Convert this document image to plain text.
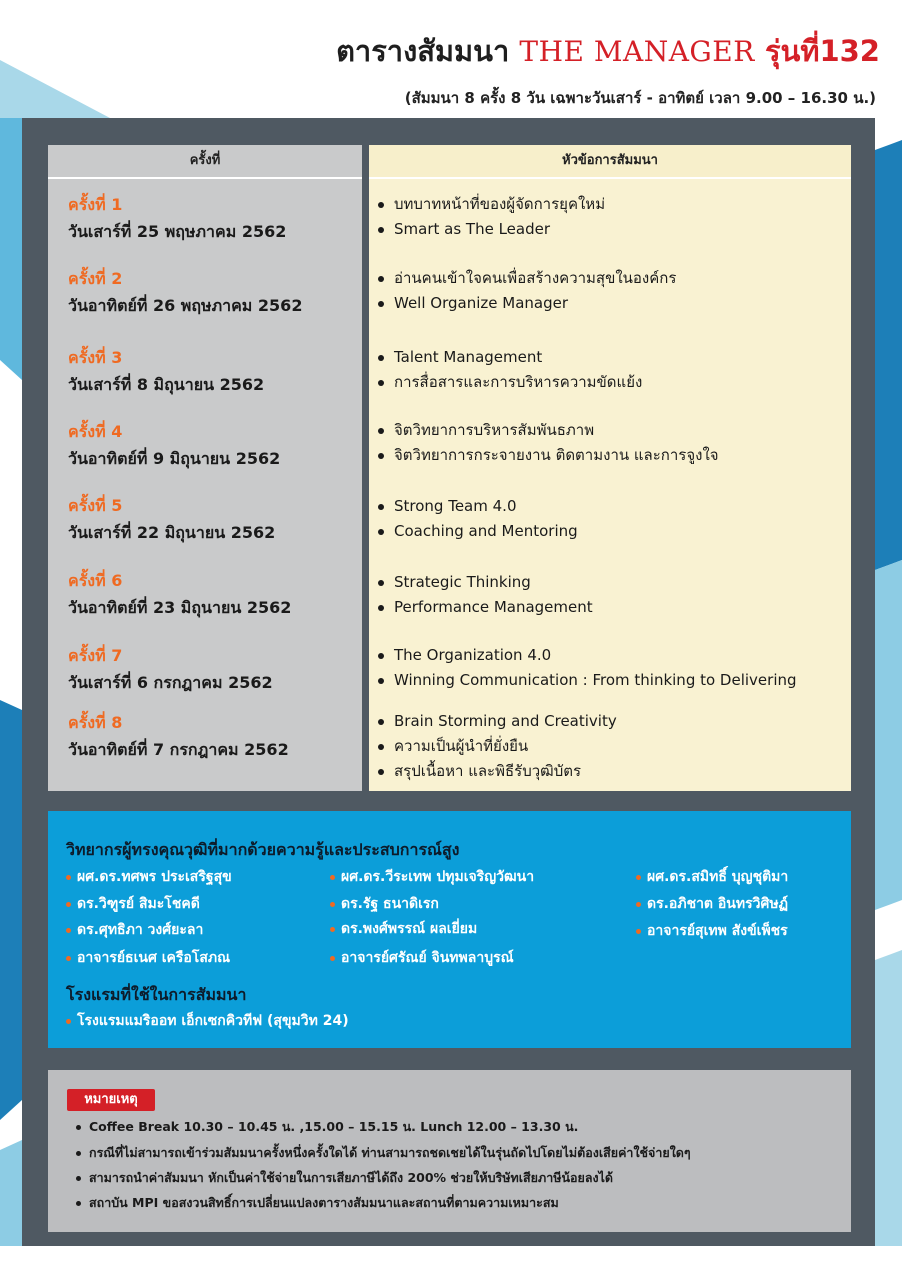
ตารางสัมมนา THE MANAGER รุ่นที่132
(สัมมนา 8 ครั้ง 8 วัน เฉพาะวันเสาร์ - อาทิตย์ เวลา 9.00 – 16.30 น.)
ครั้งที่	หัวข้อการสัมมนา
ครั้งที่ 1
วันเสาร์ที่ 25 พฤษภาคม 2562
ครั้งที่ 2
วันอาทิตย์ที่ 26 พฤษภาคม 2562
ครั้งที่ 3
วันเสาร์ที่ 8 มิถุนายน 2562
ครั้งที่ 4
วันอาทิตย์ที่ 9 มิถุนายน 2562
ครั้งที่ 5
วันเสาร์ที่ 22 มิถุนายน 2562
ครั้งที่ 6
วันอาทิตย์ที่ 23 มิถุนายน 2562
ครั้งที่ 7
วันเสาร์ที่ 6 กรกฎาคม 2562
ครั้งที่ 8
วันอาทิตย์ที่ 7 กรกฎาคม 2562
บทบาทหน้าที่ของผู้จัดการยุคใหม่
Smart as The Leader
อ่านคนเข้าใจคนเพื่อสร้างความสุขในองค์กร
Well Organize Manager
Talent Management
การสื่อสารและการบริหารความขัดแย้ง
จิตวิทยาการบริหารสัมพันธภาพ
จิตวิทยาการกระจายงาน ติดตามงาน และการจูงใจ
Strong Team 4.0
Coaching and Mentoring
Strategic Thinking
Performance Management
The Organization 4.0
Winning Communication : From thinking to Delivering
Brain Storming and Creativity
ความเป็นผู้นำที่ยั่งยืน
สรุปเนื้อหา และพิธีรับวุฒิบัตร
วิทยากรผู้ทรงคุณวุฒิที่มากด้วยความรู้และประสบการณ์สูง
ผศ.ดร.ทศพร ประเสริฐสุข
ดร.วิฑูรย์ สิมะโชคดี
ดร.ศุทธิภา วงศ์ยะลา
อาจารย์ธเนศ เครือโสภณ
ผศ.ดร.วีระเทพ ปทุมเจริญวัฒนา
ดร.รัฐ ธนาดิเรก
ดร.พงศ์พรรณ์ ผลเยี่ยม
อาจารย์ศรัณย์ จินทพลาบูรณ์
ผศ.ดร.สมิทธิ์ บุญชุติมา
ดร.อภิชาต อินทรวิศิษฏ์
อาจารย์สุเทพ สังข์เพ็ชร
โรงแรมที่ใช้ในการสัมมนา
โรงแรมแมริออท เอ็กเซกคิวทีฟ (สุขุมวิท 24)
หมายเหตุ
Coffee Break 10.30 – 10.45 น. ,15.00 – 15.15 น. Lunch 12.00 – 13.30 น.
กรณีที่ไม่สามารถเข้าร่วมสัมมนาครั้งหนึ่งครั้งใดได้ ท่านสามารถชดเชยได้ในรุ่นถัดไปโดยไม่ต้องเสียค่าใช้จ่ายใดๆ
สามารถนำค่าสัมมนา หักเป็นค่าใช้จ่ายในการเสียภาษีได้ถึง 200% ช่วยให้บริษัทเสียภาษีน้อยลงได้
สถาบัน MPI ขอสงวนสิทธิ์การเปลี่ยนแปลงตารางสัมมนาและสถานที่ตามความเหมาะสม
